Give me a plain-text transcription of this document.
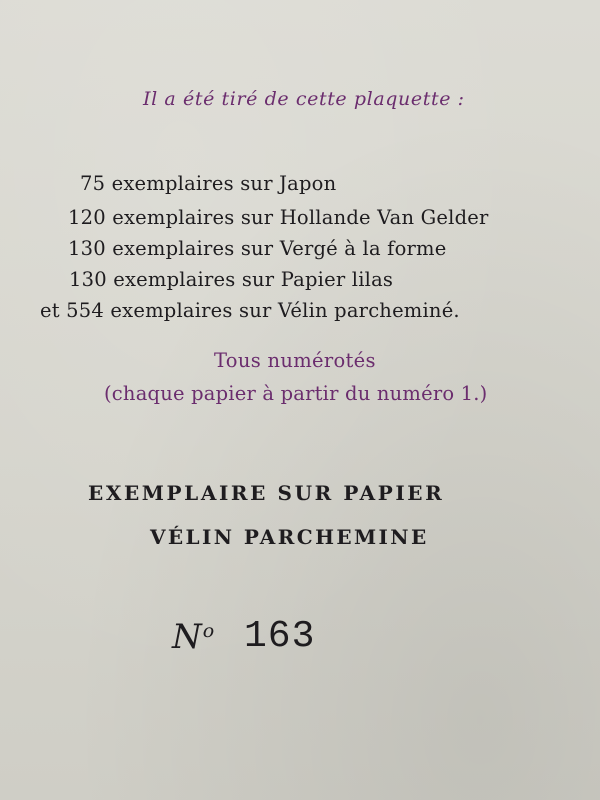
Il a été tiré de cette plaquette :
75 exemplaires sur Japon
120 exemplaires sur Hollande Van Gelder
130 exemplaires sur Vergé à la forme
130 exemplaires sur Papier lilas
et 554 exemplaires sur Vélin parcheminé.
Tous numérotés
(chaque papier à partir du numéro 1.)
EXEMPLAIRE SUR PAPIER
VÉLIN PARCHEMINE
$N^o$ 163
